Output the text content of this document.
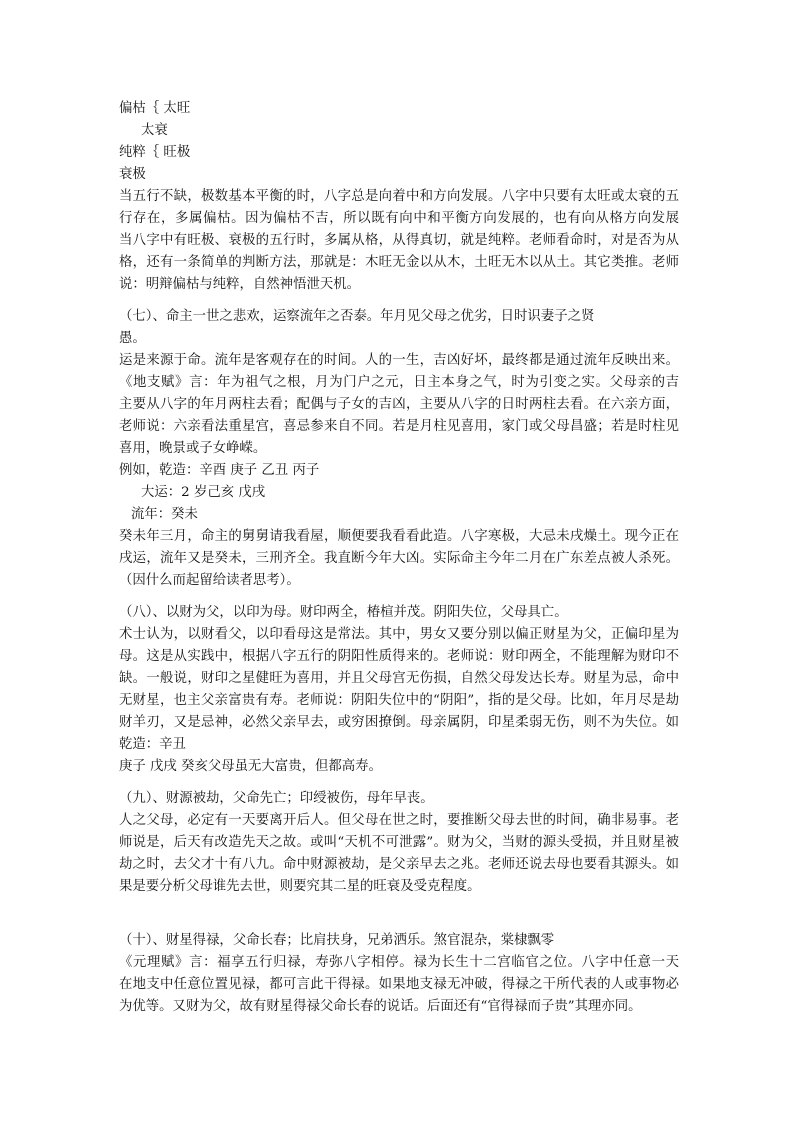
偏枯｛ 太旺
太衰
纯粹｛ 旺极
衰极
当五行不缺，极数基本平衡的时，八字总是向着中和方向发展。八字中只要有太旺或太衰的五
行存在，多属偏枯。因为偏枯不吉，所以既有向中和平衡方向发展的，也有向从格方向发展
当八字中有旺极、衰极的五行时，多属从格，从得真切，就是纯粹。老师看命时，对是否为从
格，还有一条简单的判断方法，那就是：木旺无金以从木，土旺无木以从土。其它类推。老师
说：明辩偏枯与纯粹，自然神悟泄天机。
（七）、命主一世之悲欢，运察流年之否泰。年月见父母之优劣，日时识妻子之贤
愚。
运是来源于命。流年是客观存在的时间。人的一生，吉凶好坏，最终都是通过流年反映出来。
《地支赋》言：年为祖气之根，月为门户之元，日主本身之气，时为引变之实。父母亲的吉
主要从八字的年月两柱去看；配偶与子女的吉凶，主要从八字的日时两柱去看。在六亲方面，
老师说：六亲看法重星宫，喜忌参来自不同。若是月柱见喜用，家门或父母昌盛；若是时柱见
喜用，晚景或子女峥嵘。
例如，乾造：辛酉 庚子 乙丑 丙子
大运：2 岁己亥 戊戌
流年：癸未
癸未年三月，命主的舅舅请我看屋，顺便要我看看此造。八字寒极，大忌未戌燥土。现今正在
戌运，流年又是癸未，三刑齐全。我直断今年大凶。实际命主今年二月在广东差点被人杀死。
（因什么而起留给读者思考）。
（八）、以财为父，以印为母。财印两全，椿楦并茂。阴阳失位，父母具亡。
术士认为，以财看父，以印看母这是常法。其中，男女又要分别以偏正财星为父，正偏印星为
母。这是从实践中，根据八字五行的阴阳性质得来的。老师说：财印两全，不能理解为财印不
缺。一般说，财印之星健旺为喜用，并且父母宫无伤损，自然父母发达长寿。财星为忌，命中
无财星，也主父亲富贵有寿。老师说：阴阳失位中的“阴阳”，指的是父母。比如，年月尽是劫
财羊刃，又是忌神，必然父亲早去，或穷困撩倒。母亲属阴，印星柔弱无伤，则不为失位。如
乾造：辛丑
庚子 戊戌 癸亥父母虽无大富贵，但都高寿。
（九）、财源被劫，父命先亡；印绶被伤，母年早丧。
人之父母，必定有一天要离开后人。但父母在世之时，要推断父母去世的时间，确非易事。老
师说是，后天有改造先天之故。或叫“天机不可泄露”。财为父，当财的源头受损，并且财星被
劫之时，去父才十有八九。命中财源被劫，是父亲早去之兆。老师还说去母也要看其源头。如
果是要分析父母谁先去世，则要究其二星的旺衰及受克程度。
（十）、财星得禄，父命长春；比肩扶身，兄弟洒乐。煞官混杂，棠棣飘零
《元理赋》言：福享五行归禄，寿弥八字相停。禄为长生十二宫临官之位。八字中任意一天
在地支中任意位置见禄，都可言此干得禄。如果地支禄无冲破，得禄之干所代表的人或事物必
为优等。又财为父，故有财星得禄父命长春的说话。后面还有“官得禄而子贵”其理亦同。
